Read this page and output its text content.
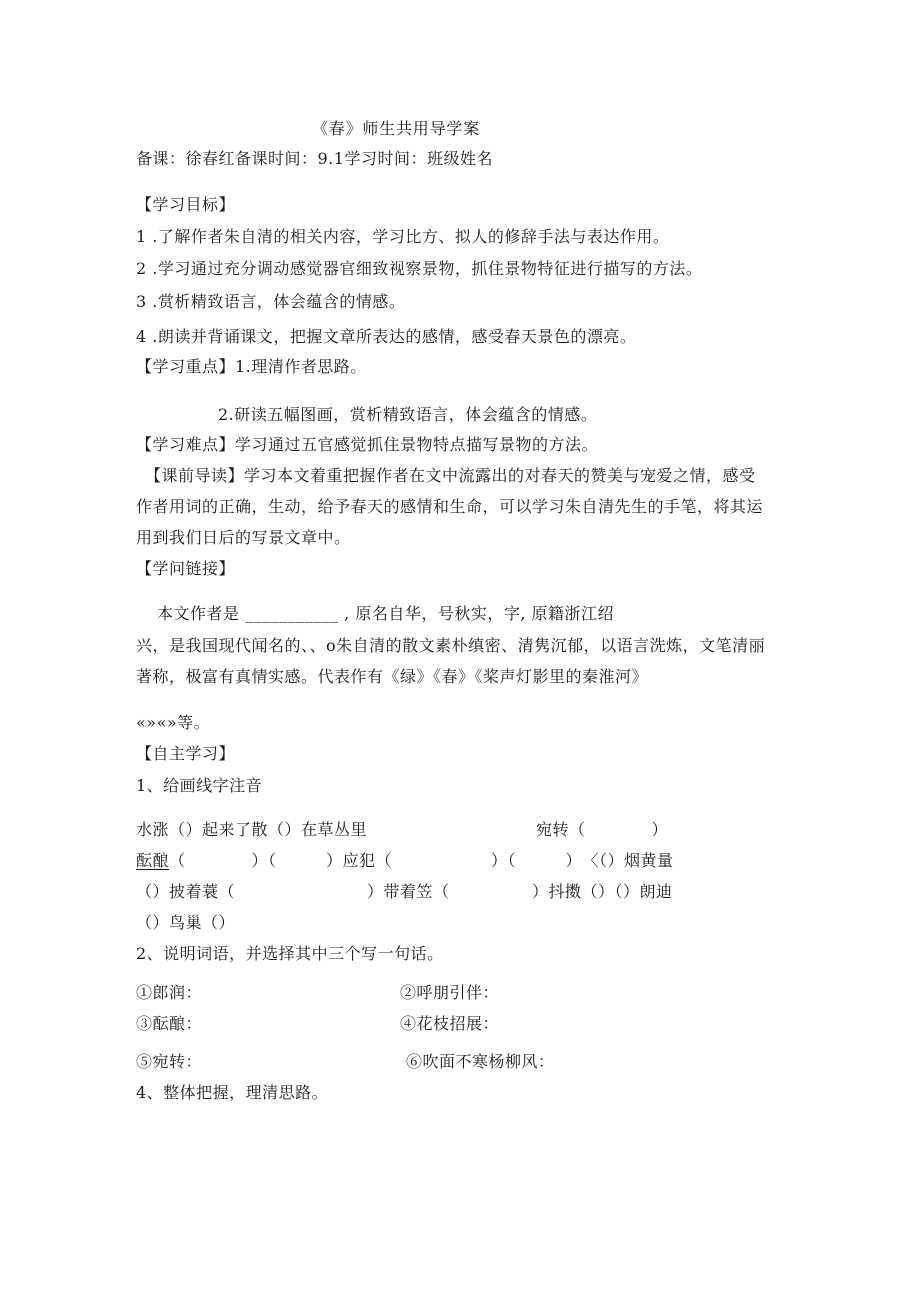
《春》师生共用导学案
备课：徐春红备课时间：9.1学习时间：班级姓名
【学习目标】
1 .了解作者朱自清的相关内容，学习比方、拟人的修辞手法与表达作用。
2 .学习通过充分调动感觉器官细致视察景物，抓住景物特征进行描写的方法。
3 .赏析精致语言，体会蕴含的情感。
4 .朗读并背诵课文，把握文章所表达的感情，感受春天景色的漂亮。
【学习重点】1.理清作者思路。
2.研读五幅图画，赏析精致语言，体会蕴含的情感。
【学习难点】学习通过五官感觉抓住景物特点描写景物的方法。
【课前导读】学习本文着重把握作者在文中流露出的对春天的赞美与宠爱之情，感受
作者用词的正确，生动，给予春天的感情和生命，可以学习朱自清先生的手笔，将其运
用到我们日后的写景文章中。
【学问链接】
本文作者是 ___________ , 原名自华，号秋实，字, 原籍浙江绍
兴，是我国现代闻名的、、o朱自清的散文素朴缜密、清隽沉郁，以语言洗炼，文笔清丽
著称，极富有真情实感。代表作有《绿》《春》《桨声灯影里的秦淮河》
«»«»等。
【自主学习】
1、给画线字注音
水涨（）起来了散（）在草丛里	宛转（　　　　）
酝酿（　　　　）（　　　）应犯（　　　　　　）（　　　）　〈（）烟黄量
（）披着蓑（　　　　　　　　）带着笠（　　　　　）抖擞（）（）朗迪
（）鸟巢（）
2、说明词语，并选择其中三个写一句话。
①郎润：	②呼朋引伴：
③酝酿：	④花枝招展：
⑤宛转：	⑥吹面不寒杨柳风：
4、整体把握，理清思路。
